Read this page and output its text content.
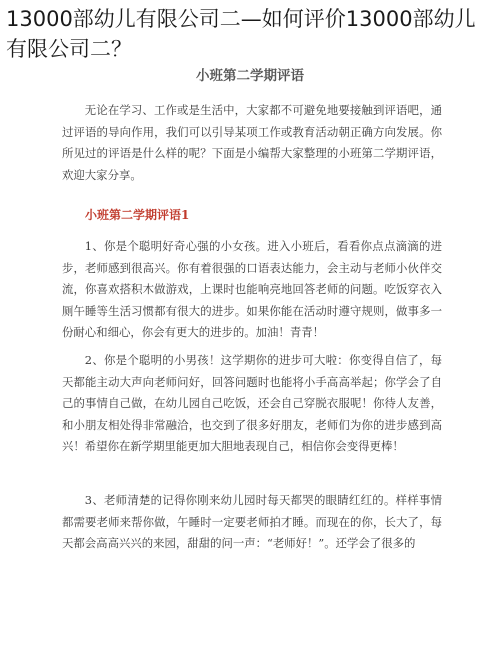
13000部幼儿有限公司二—如何评价13000部幼儿有限公司二？
小班第二学期评语

无论在学习、工作或是生活中，大家都不可避免地要接触到评语吧，通过评语的导向作用，我们可以引导某项工作或教育活动朝正确方向发展。你所见过的评语是什么样的呢？下面是小编帮大家整理的小班第二学期评语，欢迎大家分享。

小班第二学期评语1

1、你是个聪明好奇心强的小女孩。进入小班后，看看你点点滴滴的进步，老师感到很高兴。你有着很强的口语表达能力，会主动与老师小伙伴交流，你喜欢搭积木做游戏，上课时也能响亮地回答老师的问题。吃饭穿衣入厕午睡等生活习惯都有很大的进步。如果你能在活动时遵守规则，做事多一份耐心和细心，你会有更大的进步的。加油！青青！

2、你是个聪明的小男孩！这学期你的进步可大啦：你变得自信了，每天都能主动大声向老师问好，回答问题时也能将小手高高举起；你学会了自己的事情自己做，在幼儿园自己吃饭，还会自己穿脱衣服呢！你待人友善，和小朋友相处得非常融洽，也交到了很多好朋友，老师们为你的进步感到高兴！希望你在新学期里能更加大胆地表现自己，相信你会变得更棒！

3、老师清楚的记得你刚来幼儿园时每天都哭的眼睛红红的。样样事情都需要老师来帮你做，午睡时一定要老师拍才睡。而现在的你，长大了，每天都会高高兴兴的来园，甜甜的问一声：“老师好！”。还学会了很多的
